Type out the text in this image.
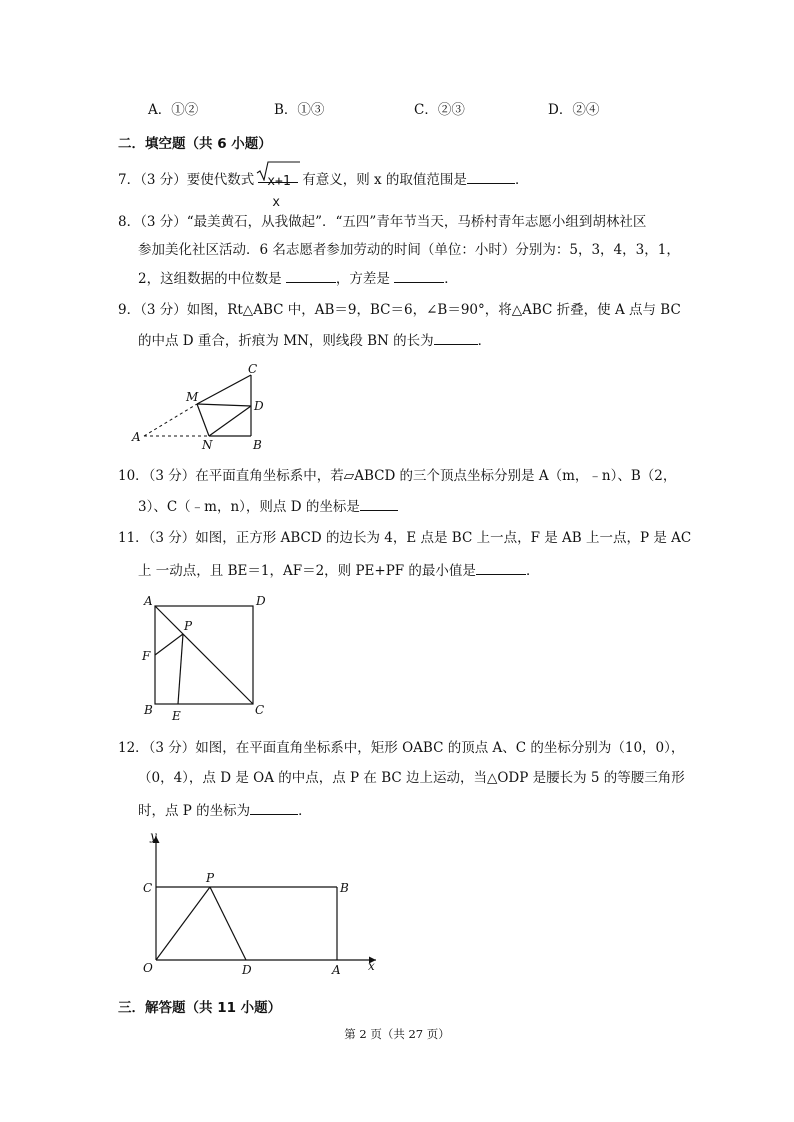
A．①②	B．①③	C．②③	D．②④
二．填空题（共 6 小题）
7．（3 分）要使代数式 x+1
x
有意义，则 x 的取值范围是	．
8．（3 分）“最美黄石，从我做起”．“五四”青年节当天，马桥村青年志愿小组到胡林社区
参加美化社区活动．6 名志愿者参加劳动的时间（单位：小时）分别为：5，3，4，3，1，
2，这组数据的中位数是	，方差是	．
9．（3 分）如图，Rt△ABC 中，AB＝9，BC＝6，∠B＝90°，将△ABC 折叠，使 A 点与 BC
的中点 D 重合，折痕为 MN，则线段 BN 的长为	．
A
B
C
D
M
N
10．（3 分）在平面直角坐标系中，若▱ABCD 的三个顶点坐标分别是 A（m，﹣n）、B（2，
3）、C（﹣m，n），则点 D 的坐标是
11．（3 分）如图，正方形 ABCD 的边长为 4，E 点是 BC 上一点，F 是 AB 上一点，P 是 AC
上 一动点，且 BE＝1，AF＝2，则 PE+PF 的最小值是	．
A	D
B	C
E
F
P
12．（3 分）如图，在平面直角坐标系中，矩形 OABC 的顶点 A、C 的坐标分别为（10，0），
（0，4），点 D 是 OA 的中点，点 P 在 BC 边上运动，当△ODP 是腰长为 5 的等腰三角形
时，点 P 的坐标为	．
y
x
O
C	B
A
D
P
三．解答题（共 11 小题）
第 2 页（共 27 页）
